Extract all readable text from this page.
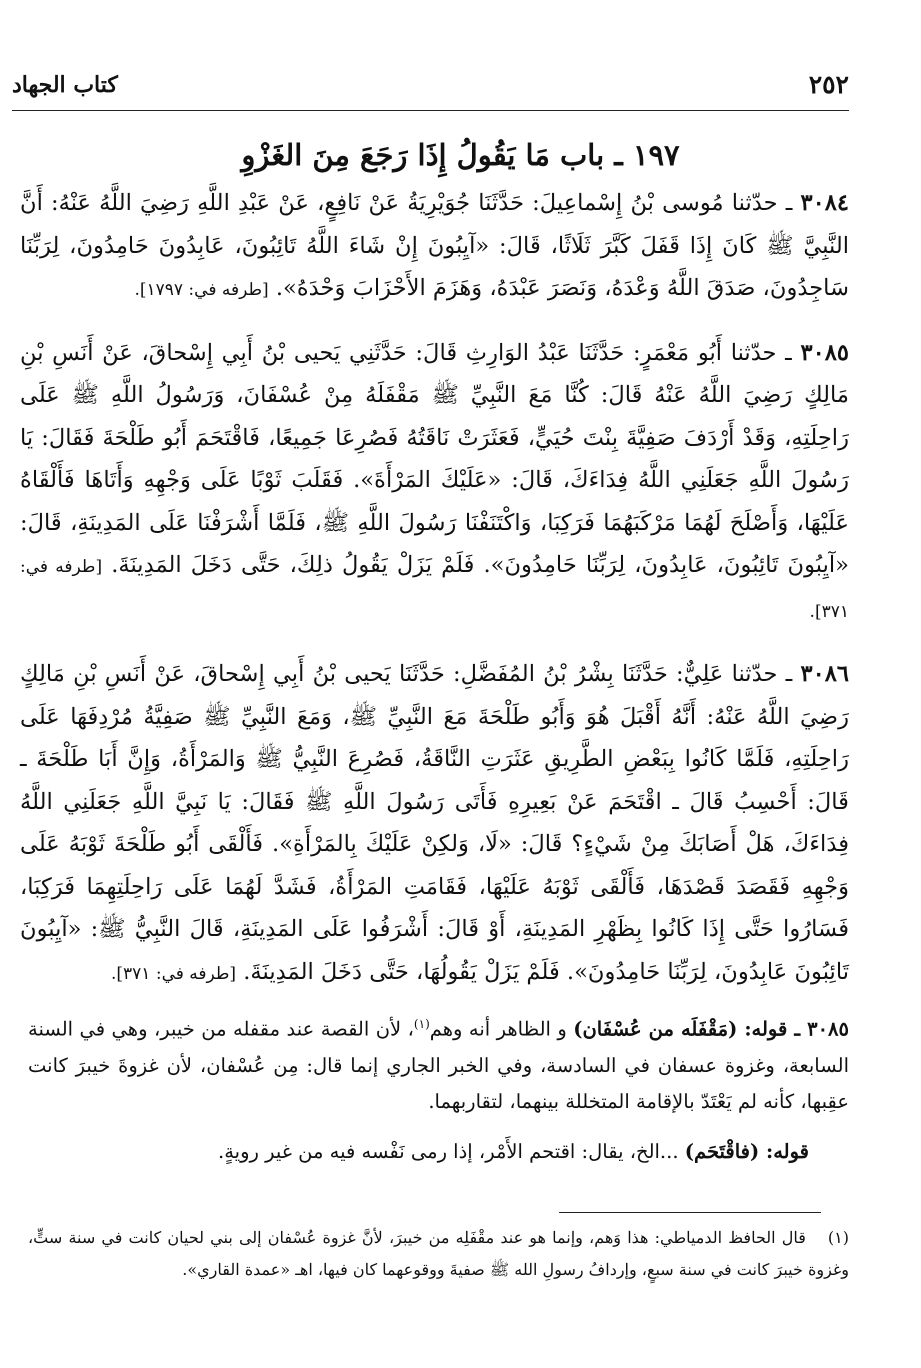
٢٥٢
كتاب الجهاد
١٩٧ ـ باب مَا يَقُولُ إِذَا رَجَعَ مِنَ الغَزْوِ

٣٠٨٤ ـ حدّثنا مُوسى بْنُ إِسْماعِيلَ: حَدَّثَنَا جُوَيْرِيَةُ عَنْ نَافِعٍ، عَنْ عَبْدِ اللَّهِ رَضِيَ اللَّهُ عَنْهُ: أَنَّ النَّبِيَّ ﷺ كَانَ إِذَا قَفَلَ كَبَّرَ ثَلَاثًا، قَالَ: «آيِبُونَ إِنْ شَاءَ اللَّهُ تَائِبُونَ، عَابِدُونَ حَامِدُونَ، لِرَبِّنَا سَاجِدُونَ، صَدَقَ اللَّهُ وَعْدَهُ، وَنَصَرَ عَبْدَهُ، وَهَزَمَ الأَحْزَابَ وَحْدَهُ». [طرفه في: ١٧٩٧].

٣٠٨٥ ـ حدّثنا أَبُو مَعْمَرٍ: حَدَّثَنَا عَبْدُ الوَارِثِ قَالَ: حَدَّثَنِي يَحيى بْنُ أَبِي إِسْحاقَ، عَنْ أَنَسِ بْنِ مَالِكٍ رَضِيَ اللَّهُ عَنْهُ قَالَ: كُنَّا مَعَ النَّبِيِّ ﷺ مَقْفَلَهُ مِنْ عُسْفَانَ، وَرَسُولُ اللَّهِ ﷺ عَلَى رَاحِلَتِهِ، وَقَدْ أَرْدَفَ صَفِيَّةَ بِنْتَ حُيَيٍّ، فَعَثَرَتْ نَاقَتُهُ فَصُرِعَا جَمِيعًا، فَاقْتَحَمَ أَبُو طَلْحَةَ فَقَالَ: يَا رَسُولَ اللَّهِ جَعَلَنِي اللَّهُ فِدَاءَكَ، قَالَ: «عَلَيْكَ المَرْأَةَ». فَقَلَبَ ثَوْبًا عَلَى وَجْهِهِ وَأَتَاهَا فَأَلْقَاهُ عَلَيْهَا، وَأَصْلَحَ لَهُمَا مَرْكَبَهُمَا فَرَكِبَا، وَاكْتَنَفْنَا رَسُولَ اللَّهِ ﷺ، فَلَمَّا أَشْرَفْنَا عَلَى المَدِينَةِ، قَالَ: «آيِبُونَ تَائِبُونَ، عَابِدُونَ، لِرَبِّنَا حَامِدُونَ». فَلَمْ يَزَلْ يَقُولُ ذلِكَ، حَتَّى دَخَلَ المَدِينَةَ. [طرفه في: ٣٧١].

٣٠٨٦ ـ حدّثنا عَلِيٌّ: حَدَّثَنَا بِشْرُ بْنُ المُفَضَّلِ: حَدَّثَنَا يَحيى بْنُ أَبِي إِسْحاقَ، عَنْ أَنَسِ بْنِ مَالِكٍ رَضِيَ اللَّهُ عَنْهُ: أَنَّهُ أَقْبَلَ هُوَ وَأَبُو طَلْحَةَ مَعَ النَّبِيِّ ﷺ، وَمَعَ النَّبِيِّ ﷺ صَفِيَّةُ مُرْدِفَهَا عَلَى رَاحِلَتِهِ، فَلَمَّا كَانُوا بِبَعْضِ الطَّرِيقِ عَثَرَتِ النَّاقَةُ، فَصُرِعَ النَّبِيُّ ﷺ وَالمَرْأَةُ، وَإِنَّ أَبَا طَلْحَةَ ـ قَالَ: أَحْسِبُ قَالَ ـ اقْتَحَمَ عَنْ بَعِيرِهِ فَأَتَى رَسُولَ اللَّهِ ﷺ فَقَالَ: يَا نَبِيَّ اللَّهِ جَعَلَنِي اللَّهُ فِدَاءَكَ، هَلْ أَصَابَكَ مِنْ شَيْءٍ؟ قَالَ: «لَا، وَلكِنْ عَلَيْكَ بِالمَرْأَةِ». فَأَلْقَى أَبُو طَلْحَةَ ثَوْبَهُ عَلَى وَجْهِهِ فَقَصَدَ قَصْدَهَا، فَأَلْقَى ثَوْبَهُ عَلَيْهَا، فَقَامَتِ المَرْأَةُ، فَشَدَّ لَهُمَا عَلَى رَاحِلَتِهِمَا فَرَكِبَا، فَسَارُوا حَتَّى إِذَا كَانُوا بِظَهْرِ المَدِينَةِ، أَوْ قَالَ: أَشْرَفُوا عَلَى المَدِينَةِ، قَالَ النَّبِيُّ ﷺ: «آيِبُونَ تَائِبُونَ عَابِدُونَ، لِرَبِّنَا حَامِدُونَ». فَلَمْ يَزَلْ يَقُولُهَا، حَتَّى دَخَلَ المَدِينَةَ. [طرفه في: ٣٧١].

٣٠٨٥ ـ قوله: (مَقْفَلَه من عُسْفَان) و الظاهر أنه وهم$^{(١)}$، لأن القصة عند مقفله من خيبر، وهي في السنة السابعة، وغزوة عسفان في السادسة، وفي الخبر الجاري إنما قال: مِن عُسْفان، لأن غزوةَ خيبرَ كانت عقِبها، كأنه لم يَعْتَدّ بالإقامة المتخللة بينهما، لتقاربهما.

قوله: (فاقْتَحَم) ...الخ، يقال: اقتحم الأَمْر، إذا رمى نَفْسه فيه من غير رويةٍ.

(١)قال الحافظ الدمياطي: هذا وَهم، وإنما هو عند مقْفَلِه من خيبرَ، لأنَّ غزوة عُسْفان إلى بني لحيان كانت في سنة ستٍّ، وغزوة خيبرَ كانت في سنة سبعٍ، وإردافُ رسولِ الله ﷺ صفيةَ ووقوعهما كان فيها، اهـ «عمدة القاري».
